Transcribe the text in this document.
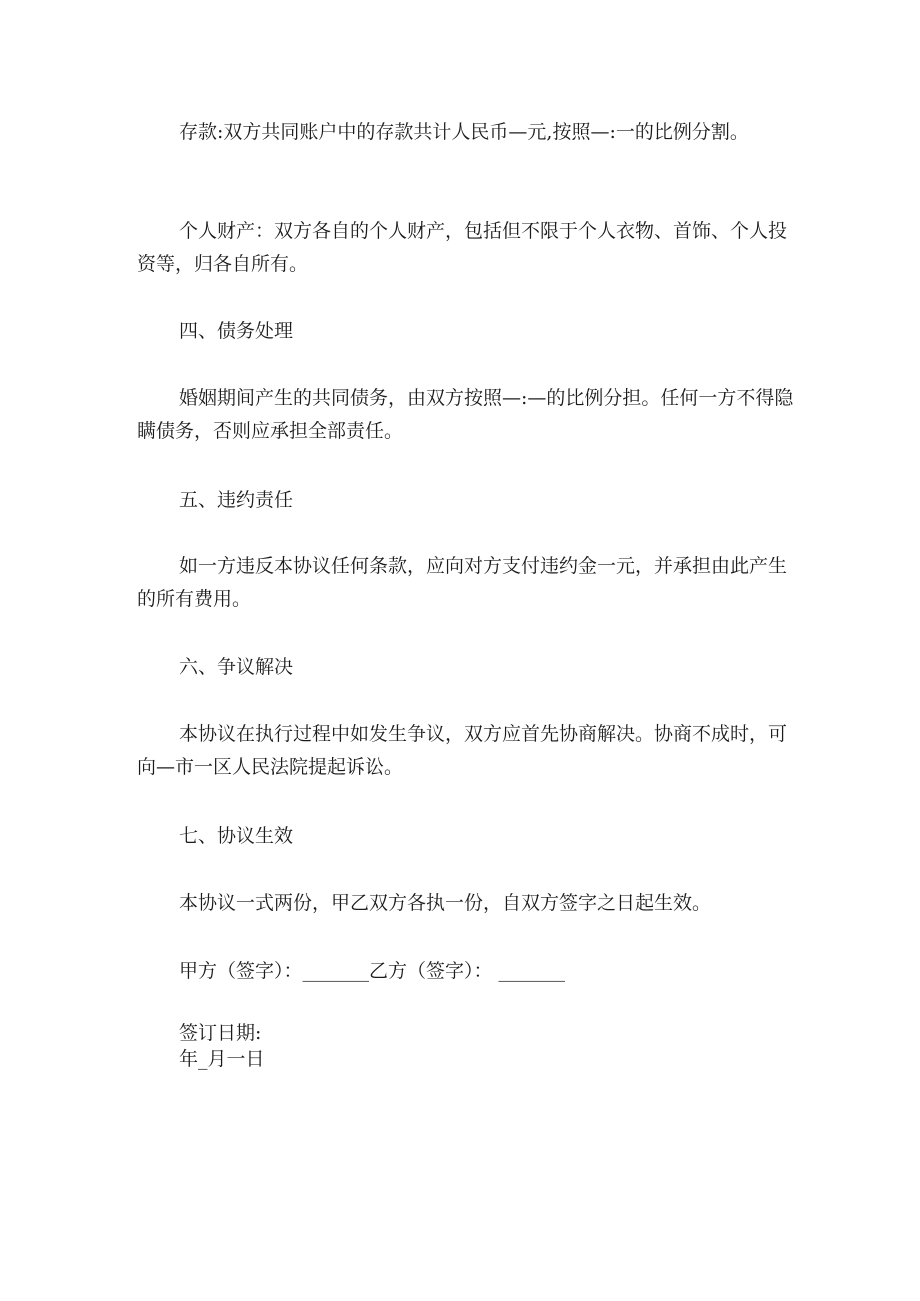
存款:双方共同账户中的存款共计人民币—元,按照—:一的比例分割。
个人财产：双方各自的个人财产，包括但不限于个人衣物、首饰、个人投资等，归各自所有。
四、债务处理
婚姻期间产生的共同债务，由双方按照—:—的比例分担。任何一方不得隐瞒债务，否则应承担全部责任。
五、违约责任
如一方违反本协议任何条款，应向对方支付违约金一元，并承担由此产生的所有费用。
六、争议解决
本协议在执行过程中如发生争议，双方应首先协商解决。协商不成时，可向—市一区人民法院提起诉讼。
七、协议生效
本协议一式两份，甲乙双方各执一份，自双方签字之日起生效。
甲方（签字）：_______乙方（签字）： _______
签订日期:
年_月一日
